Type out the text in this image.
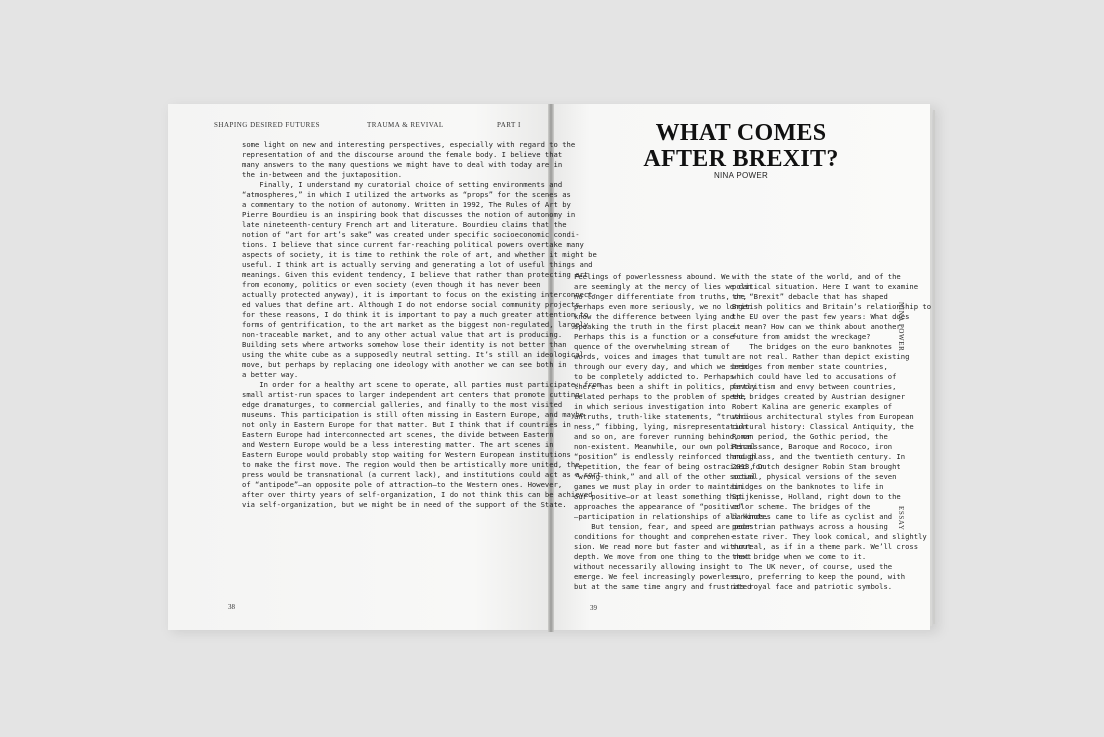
SHAPING DESIRED FUTURES	TRAUMA & REVIVAL	PART I
some light on new and interesting perspectives, especially with regard to the
representation of and the discourse around the female body. I believe that
many answers to the many questions we might have to deal with today are in
the in-between and the juxtaposition.
Finally, I understand my curatorial choice of setting environments and
“atmospheres,” in which I utilized the artworks as “props” for the scenes as
a commentary to the notion of autonomy. Written in 1992, The Rules of Art by
Pierre Bourdieu is an inspiring book that discusses the notion of autonomy in
late nineteenth-century French art and literature. Bourdieu claims that the
notion of “art for art’s sake” was created under specific socioeconomic condi-
tions. I believe that since current far-reaching political powers overtake many
aspects of society, it is time to rethink the role of art, and whether it might be
useful. I think art is actually serving and generating a lot of useful things and
meanings. Given this evident tendency, I believe that rather than protecting art
from economy, politics or even society (even though it has never been
actually protected anyway), it is important to focus on the existing interconnect-
ed values that define art. Although I do not endorse social community projects
for these reasons, I do think it is important to pay a much greater attention to
forms of gentrification, to the art market as the biggest non-regulated, largely
non-traceable market, and to any other actual value that art is producing.
Building sets where artworks somehow lose their identity is not better than
using the white cube as a supposedly neutral setting. It’s still an ideological
move, but perhaps by replacing one ideology with another we can see both in
a better way.
In order for a healthy art scene to operate, all parties must participate: from
small artist-run spaces to larger independent art centers that promote cutting-
edge dramaturges, to commercial galleries, and finally to the most visited
museums. This participation is still often missing in Eastern Europe, and maybe
not only in Eastern Europe for that matter. But I think that if countries in
Eastern Europe had interconnected art scenes, the divide between Eastern
and Western Europe would be a less interesting matter. The art scenes in
Eastern Europe would probably stop waiting for Western European institutions
to make the first move. The region would then be artistically more united, the
press would be transnational (a current lack), and institutions could act as a sort
of “antipode”—an opposite pole of attraction—to the Western ones. However,
after over thirty years of self-organization, I do not think this can be achieved
via self-organization, but we might be in need of the support of the State.
38
WHAT COMES
AFTER BREXIT?
NINA POWER
Feelings of powerlessness abound. We
are seemingly at the mercy of lies we can
no longer differentiate from truths, or,
perhaps even more seriously, we no longer
know the difference between lying and
speaking the truth in the first place.
Perhaps this is a function or a conse-
quence of the overwhelming stream of
words, voices and images that tumult
through our every day, and which we seem
to be completely addicted to. Perhaps
there has been a shift in politics, partly
related perhaps to the problem of speed,
in which serious investigation into
untruths, truth-like statements, “truthi-
ness,” fibbing, lying, misrepresentation
and so on, are forever running behind, or
non-existent. Meanwhile, our own political
“position” is endlessly reinforced through
repetition, the fear of being ostracized for
“wrong-think,” and all of the other social
games we must play in order to maintain
our positive—or at least something that
approaches the appearance of “positive”
—participation in relationships of all kinds.
But tension, fear, and speed are poor
conditions for thought and comprehen-
sion. We read more but faster and without
depth. We move from one thing to the next
without necessarily allowing insight to
emerge. We feel increasingly powerless,
but at the same time angry and frustrated
with the state of the world, and of the
political situation. Here I want to examine
the “Brexit” debacle that has shaped
British politics and Britain’s relationship to
the EU over the past few years: What does
it mean? How can we think about another
future from amidst the wreckage?
The bridges on the euro banknotes
are not real. Rather than depict existing
bridges from member state countries,
which could have led to accusations of
favoritism and envy between countries,
the bridges created by Austrian designer
Robert Kalina are generic examples of
various architectural styles from European
cultural history: Classical Antiquity, the
Roman period, the Gothic period, the
Renaissance, Baroque and Rococo, iron
and glass, and the twentieth century. In
2013, Dutch designer Robin Stam brought
actual, physical versions of the seven
bridges on the banknotes to life in
Spijkenisse, Holland, right down to the
color scheme. The bridges of the
banknotes came to life as cyclist and
pedestrian pathways across a housing
estate river. They look comical, and slightly
surreal, as if in a theme park. We’ll cross
that bridge when we come to it.
The UK never, of course, used the
euro, preferring to keep the pound, with
its royal face and patriotic symbols.
NINA POWER
ESSAY
39
